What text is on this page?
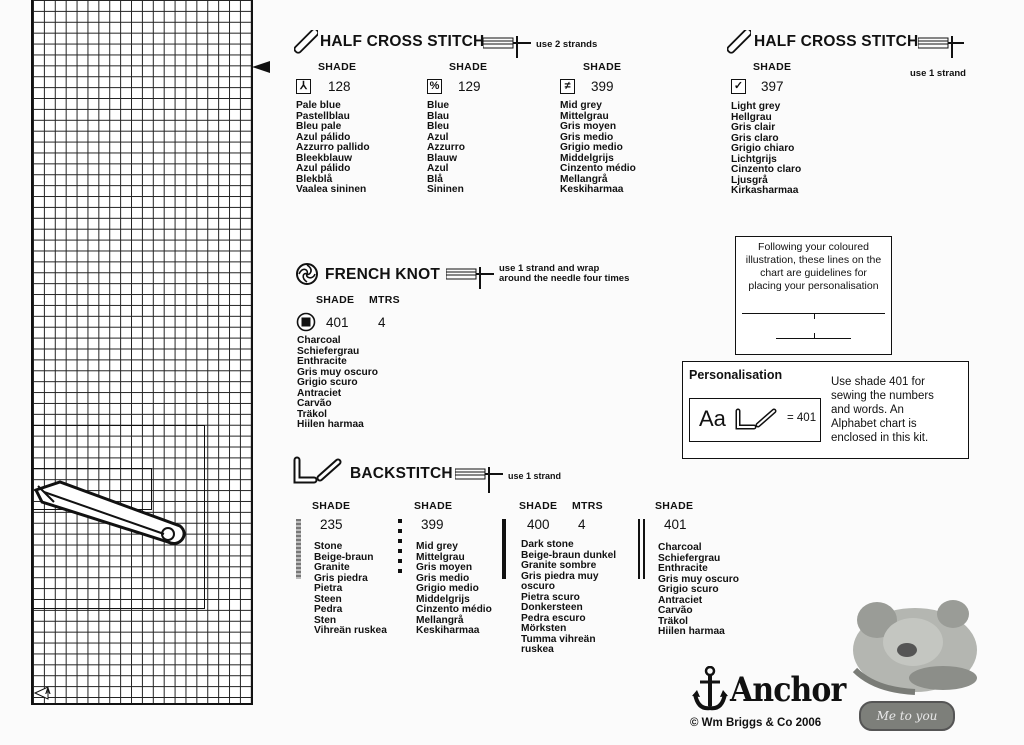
A
HALF CROSS STITCH	use 2 strands
SHADE
⅄	128
Pale blue
Pastellblau
Bleu pale
Azul pálido
Azzurro pallido
Bleekblauw
Azul pálido
Blekblå
Vaalea sininen
SHADE
% 129
Blue
Blau
Bleu
Azul
Azzurro
Blauw
Azul
Blå
Sininen
SHADE
≠	399
Mid grey
Mittelgrau
Gris moyen
Gris medio
Grigio medio
Middelgrijs
Cinzento médio
Mellangrå
Keskiharmaa
HALF CROSS STITCH
use 1 strand
SHADE
✓ 397
Light grey
Hellgrau
Gris clair
Gris claro
Grigio chiaro
Lichtgrijs
Cinzento claro
Ljusgrå
Kirkasharmaa
FRENCH KNOT	use 1 strand and wrap
around the needle four times
SHADE MTRS
401 4
Charcoal
Schiefergrau
Enthracite
Gris muy oscuro
Grigio scuro
Antraciet
Carvão
Träkol
Hiilen harmaa
Following your coloured
illustration, these lines on the
chart are guidelines for
placing your personalisation
Personalisation
Aa	= 401
Use shade 401 for
sewing the numbers
and words. An
Alphabet chart is
enclosed in this kit.
BACKSTITCH	use 1 strand
SHADE
235
Stone
Beige-braun
Granite
Gris piedra
Pietra
Steen
Pedra
Sten
Vihreän ruskea
SHADE
399
Mid grey
Mittelgrau
Gris moyen
Gris medio
Grigio medio
Middelgrijs
Cinzento médio
Mellangrå
Keskiharmaa
SHADE MTRS
400 4
Dark stone
Beige-braun dunkel
Granite sombre
Gris piedra muy
oscuro
Pietra scuro
Donkersteen
Pedra escuro
Mörksten
Tumma vihreän
ruskea
SHADE
401
Charcoal
Schiefergrau
Enthracite
Gris muy oscuro
Grigio scuro
Antraciet
Carvão
Träkol
Hiilen harmaa
Anchor
© Wm Briggs & Co 2006	Me to you
